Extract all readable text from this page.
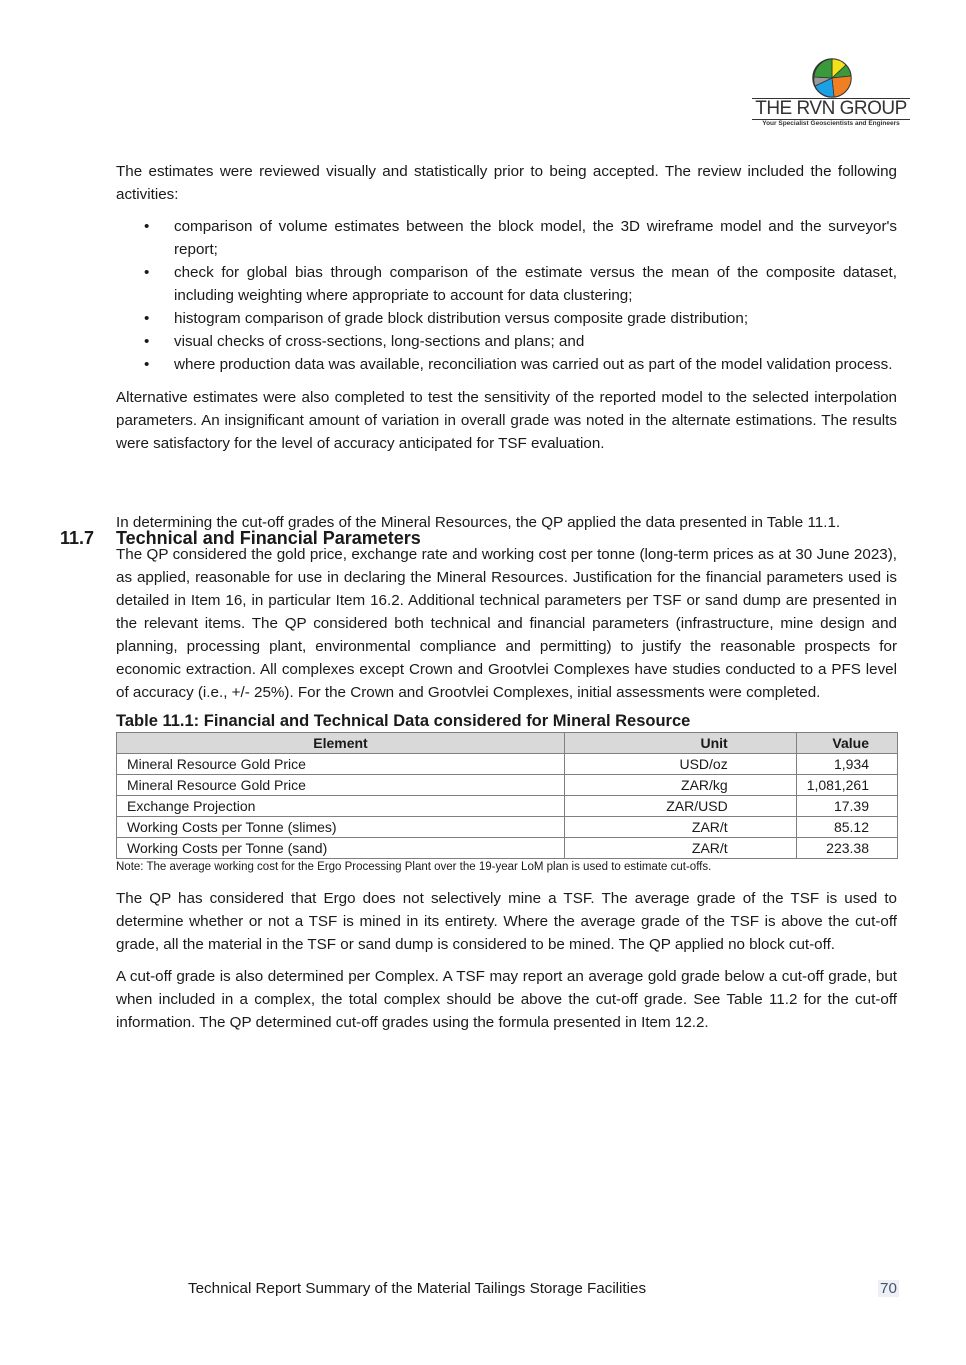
THE RVN GROUP
Your Specialist Geoscientists and Engineers

The estimates were reviewed visually and statistically prior to being accepted. The review included the following activities:

• comparison of volume estimates between the block model, the 3D wireframe model and the surveyor's report;
• check for global bias through comparison of the estimate versus the mean of the composite dataset, including weighting where appropriate to account for data clustering;
• histogram comparison of grade block distribution versus composite grade distribution;
• visual checks of cross-sections, long-sections and plans; and
• where production data was available, reconciliation was carried out as part of the model validation process.

Alternative estimates were also completed to test the sensitivity of the reported model to the selected interpolation parameters. An insignificant amount of variation in overall grade was noted in the alternate estimations. The results were satisfactory for the level of accuracy anticipated for TSF evaluation.

In determining the cut-off grades of the Mineral Resources, the QP applied the data presented in Table 11.1.

The QP considered the gold price, exchange rate and working cost per tonne (long-term prices as at 30 June 2023), as applied, reasonable for use in declaring the Mineral Resources. Justification for the financial parameters used is detailed in Item 16, in particular Item 16.2. Additional technical parameters per TSF or sand dump are presented in the relevant items. The QP considered both technical and financial parameters (infrastructure, mine design and planning, processing plant, environmental compliance and permitting) to justify the reasonable prospects for economic extraction. All complexes except Crown and Grootvlei Complexes have studies conducted to a PFS level of accuracy (i.e., +/- 25%). For the Crown and Grootvlei Complexes, initial assessments were completed.

Table 11.1: Financial and Technical Data considered for Mineral Resource
Element	Unit	Value
Mineral Resource Gold Price	USD/oz	1,934
Mineral Resource Gold Price	ZAR/kg	1,081,261
Exchange Projection	ZAR/USD	17.39
Working Costs per Tonne (slimes)	ZAR/t	85.12
Working Costs per Tonne (sand)	ZAR/t	223.38
Note: The average working cost for the Ergo Processing Plant over the 19-year LoM plan is used to estimate cut-offs.

The QP has considered that Ergo does not selectively mine a TSF. The average grade of the TSF is used to determine whether or not a TSF is mined in its entirety. Where the average grade of the TSF is above the cut-off grade, all the material in the TSF or sand dump is considered to be mined. The QP applied no block cut-off.

A cut-off grade is also determined per Complex. A TSF may report an average gold grade below a cut-off grade, but when included in a complex, the total complex should be above the cut-off grade. See Table 11.2 for the cut-off information. The QP determined cut-off grades using the formula presented in Item 12.2.

11.7 Technical and Financial Parameters
Technical Report Summary of the Material Tailings Storage Facilities	70
